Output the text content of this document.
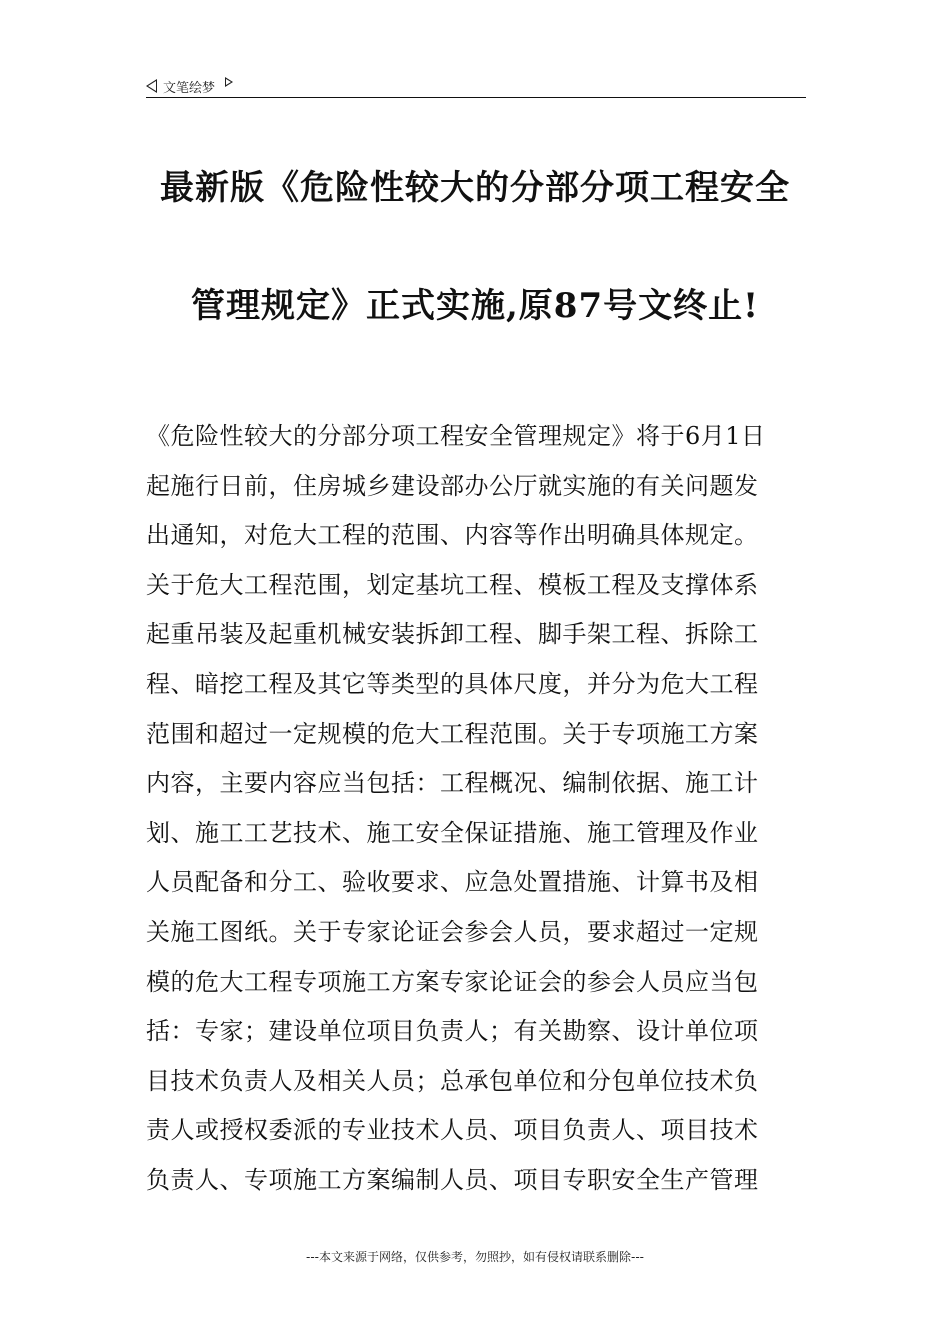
文笔绘梦
最新版《危险性较大的分部分项工程安全
管理规定》正式实施,原87号文终止!
《危险性较大的分部分项工程安全管理规定》将于6月1日
起施行日前，住房城乡建设部办公厅就实施的有关问题发
出通知，对危大工程的范围、内容等作出明确具体规定。
关于危大工程范围，划定基坑工程、模板工程及支撑体系
起重吊装及起重机械安装拆卸工程、脚手架工程、拆除工
程、暗挖工程及其它等类型的具体尺度，并分为危大工程
范围和超过一定规模的危大工程范围。关于专项施工方案
内容，主要内容应当包括：工程概况、编制依据、施工计
划、施工工艺技术、施工安全保证措施、施工管理及作业
人员配备和分工、验收要求、应急处置措施、计算书及相
关施工图纸。关于专家论证会参会人员，要求超过一定规
模的危大工程专项施工方案专家论证会的参会人员应当包
括：专家；建设单位项目负责人；有关勘察、设计单位项
目技术负责人及相关人员；总承包单位和分包单位技术负
责人或授权委派的专业技术人员、项目负责人、项目技术
负责人、专项施工方案编制人员、项目专职安全生产管理
---本文来源于网络，仅供参考，勿照抄，如有侵权请联系删除---
